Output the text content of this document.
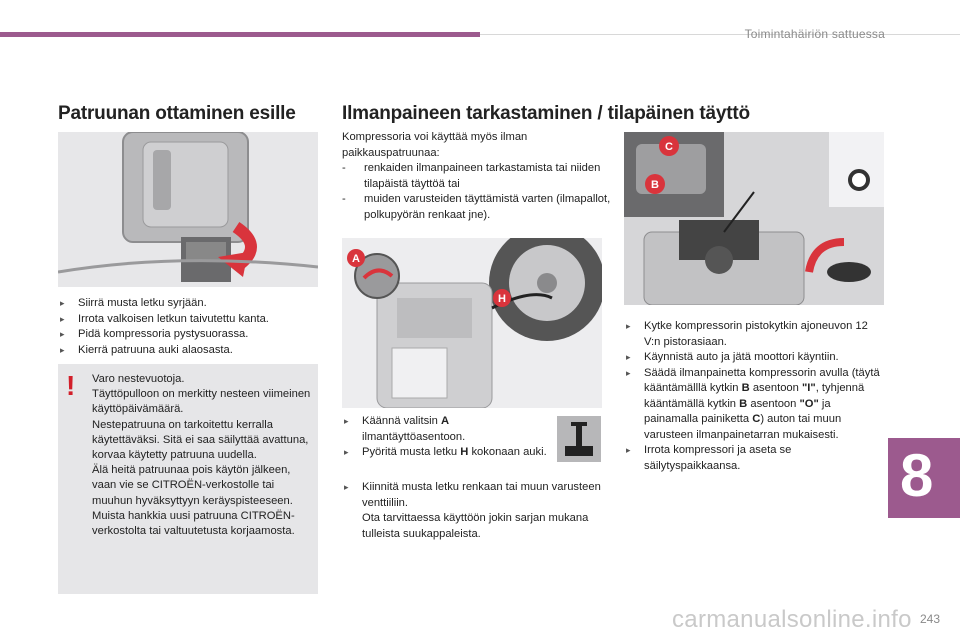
Toimintahäiriön sattuessa
Patruunan ottaminen esille
▸ Siirrä musta letku syrjään.
▸ Irrota valkoisen letkun taivutettu kanta.
▸ Pidä kompressoria pystysuorassa.
▸ Kierrä patruuna auki alaosasta.
! Varo nestevuotoja.
Täyttöpulloon on merkitty nesteen viimeinen käyttöpäivämäärä.
Nestepatruuna on tarkoitettu kerralla käytettäväksi. Sitä ei saa säilyttää avattuna, korvaa käytetty patruuna uudella.
Älä heitä patruunaa pois käytön jälkeen, vaan vie se CITROËN-verkostolle tai muuhun hyväksyttyyn keräyspisteeseen.
Muista hankkia uusi patruuna CITROËN-verkostolta tai valtuutetusta korjaamosta.
Ilmanpaineen tarkastaminen / tilapäinen täyttö
Kompressoria voi käyttää myös ilman paikkauspatruunaa:
- renkaiden ilmanpaineen tarkastamista tai niiden tilapäistä täyttöä tai
- muiden varusteiden täyttämistä varten (ilmapallot, polkupyörän renkaat jne).
A
H
▸ Käännä valitsin A ilmantäyttöasentoon.
▸ Pyöritä musta letku H kokonaan auki.
▸ Kiinnitä musta letku renkaan tai muun varusteen venttiiliin.
Ota tarvittaessa käyttöön jokin sarjan mukana tulleista suukappaleista.
C
B
▸ Kytke kompressorin pistokytkin ajoneuvon 12 V:n pistorasiaan.
▸ Käynnistä auto ja jätä moottori käyntiin.
▸ Säädä ilmanpainetta kompressorin avulla (täytä kääntämälllä kytkin B asentoon "I", tyhjennä kääntämällä kytkin B asentoon "O" ja painamalla painiketta C) auton tai muun varusteen ilmanpainetarran mukaisesti.
▸ Irrota kompressori ja aseta se säilytyspaikkaansa.	8
carmanualsonline.info 243
